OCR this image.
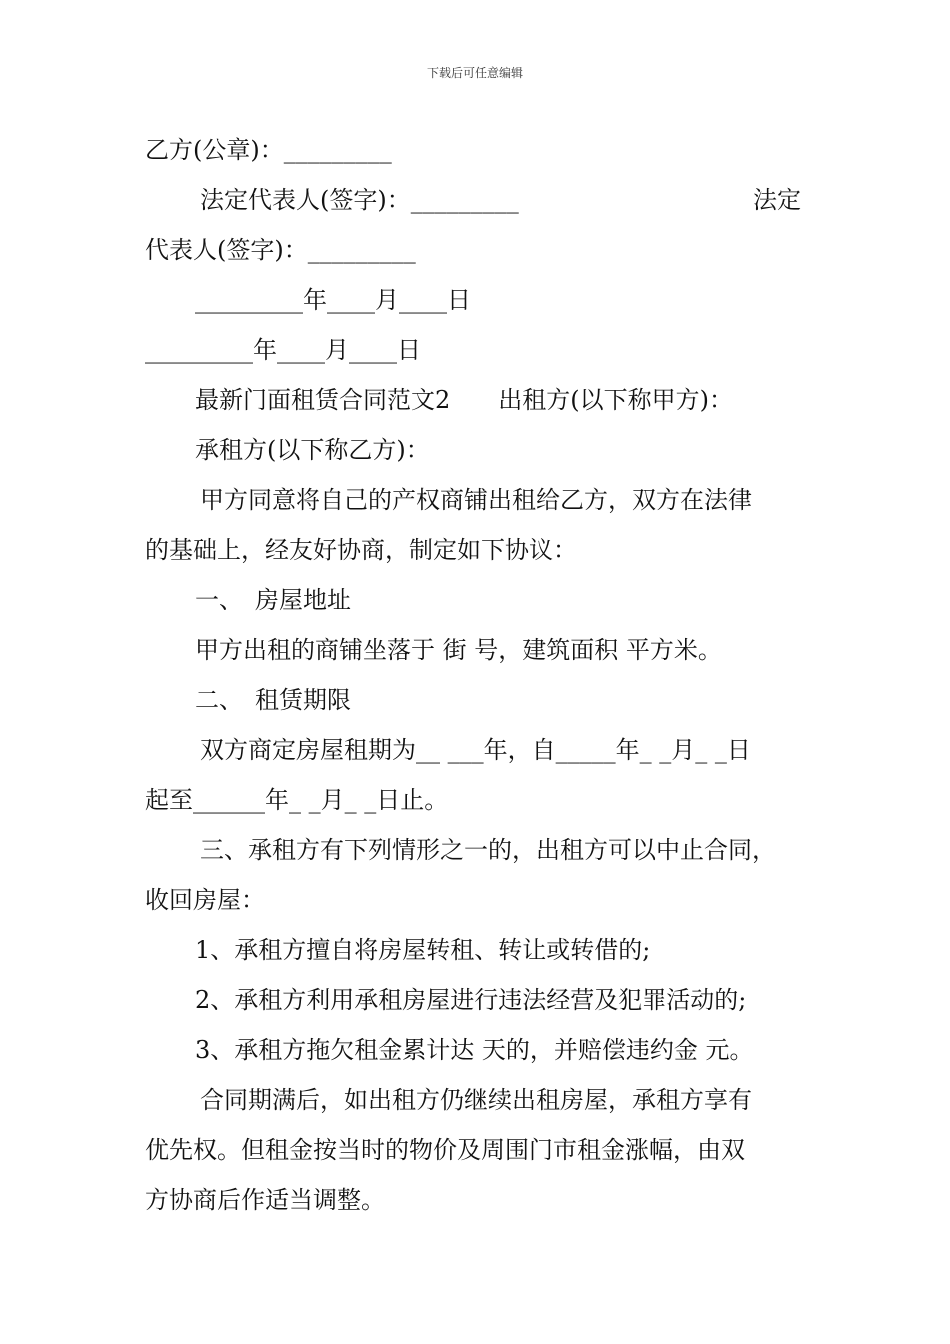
下载后可任意编辑
乙方(公章)：_________
法定代表人(签字)：_________	法定
代表人(签字)：_________
_________年____月____日
_________年____月____日
最新门面租赁合同范文2　　出租方(以下称甲方)：
承租方(以下称乙方)：
甲方同意将自己的产权商铺出租给乙方，双方在法律
的基础上，经友好协商，制定如下协议：
一、　房屋地址
甲方出租的商铺坐落于 街 号，建筑面积 平方米。
二、　租赁期限
双方商定房屋租期为__ ___年，自_____年_ _月_ _日
起至______年_ _月_ _日止。
三、承租方有下列情形之一的，出租方可以中止合同，
收回房屋：
1、承租方擅自将房屋转租、转让或转借的;
2、承租方利用承租房屋进行违法经营及犯罪活动的;
3、承租方拖欠租金累计达 天的，并赔偿违约金 元。
合同期满后，如出租方仍继续出租房屋，承租方享有
优先权。但租金按当时的物价及周围门市租金涨幅，由双
方协商后作适当调整。
